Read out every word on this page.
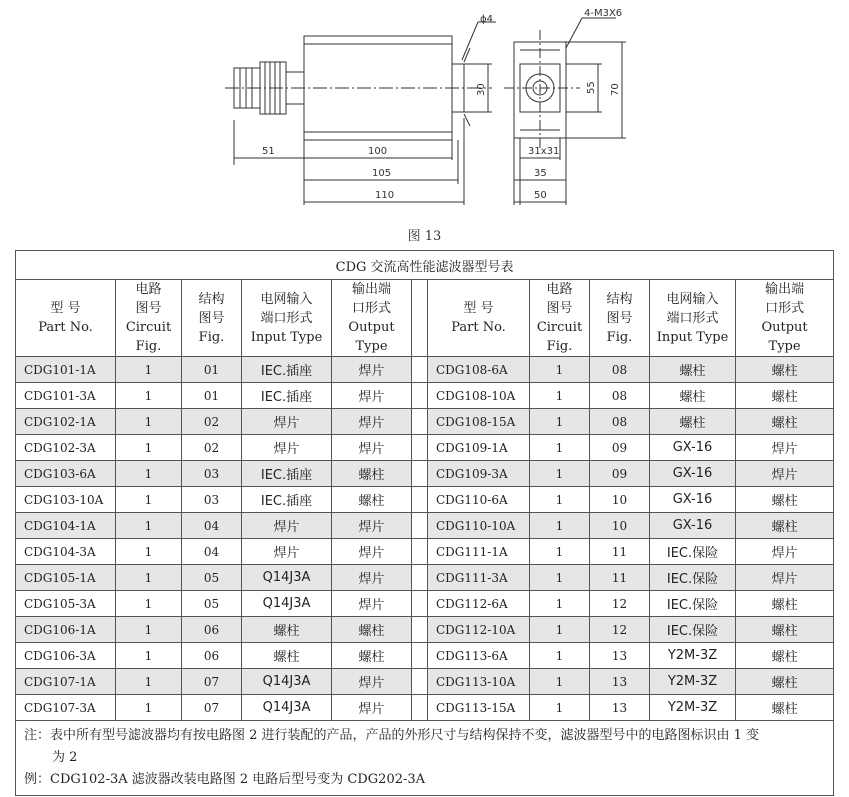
51	100
105
110
ϕ4
4-M3X6
31x31
35
50
30	55 70
图 13
CDG 交流高性能滤波器型号表										

型 号
Part No.	电路
图号
Circuit
Fig.	结构
图号
Fig.	电网输入
端口形式
Input Type	输出端
口形式
Output
Type		型 号
Part No.	电路
图号
Circuit
Fig.	结构
图号
Fig.	电网输入
端口形式
Input Type	输出端
口形式
Output
Type

CDG101-1A	1	01	IEC.插座	焊片		CDG108-6A	1	08	螺柱	螺柱
CDG101-3A	1	01	IEC.插座	焊片		CDG108-10A	1	08	螺柱	螺柱
CDG102-1A	1	02	焊片	焊片		CDG108-15A	1	08	螺柱	螺柱
CDG102-3A	1	02	焊片	焊片		CDG109-1A	1	09	GX-16	焊片
CDG103-6A	1	03	IEC.插座	螺柱		CDG109-3A	1	09	GX-16	焊片
CDG103-10A	1	03	IEC.插座	螺柱		CDG110-6A	1	10	GX-16	螺柱
CDG104-1A	1	04	焊片	焊片		CDG110-10A	1	10	GX-16	螺柱
CDG104-3A	1	04	焊片	焊片		CDG111-1A	1	11	IEC.保险	焊片
CDG105-1A	1	05	Q14J3A	焊片		CDG111-3A	1	11	IEC.保险	焊片
CDG105-3A	1	05	Q14J3A	焊片		CDG112-6A	1	12	IEC.保险	螺柱
CDG106-1A	1	06	螺柱	螺柱		CDG112-10A	1	12	IEC.保险	螺柱
CDG106-3A	1	06	螺柱	螺柱		CDG113-6A	1	13	Y2M-3Z	螺柱
CDG107-1A	1	07	Q14J3A	焊片		CDG113-10A	1	13	Y2M-3Z	螺柱
CDG107-3A	1	07	Q14J3A	焊片		CDG113-15A	1	13	Y2M-3Z	螺柱

注：表中所有型号滤波器均有按电路图 2 进行装配的产品，产品的外形尺寸与结构保持不变，滤波器型号中的电路图标识由 1 变
为 2
例：CDG102-3A 滤波器改装电路图 2 电路后型号变为 CDG202-3A										
